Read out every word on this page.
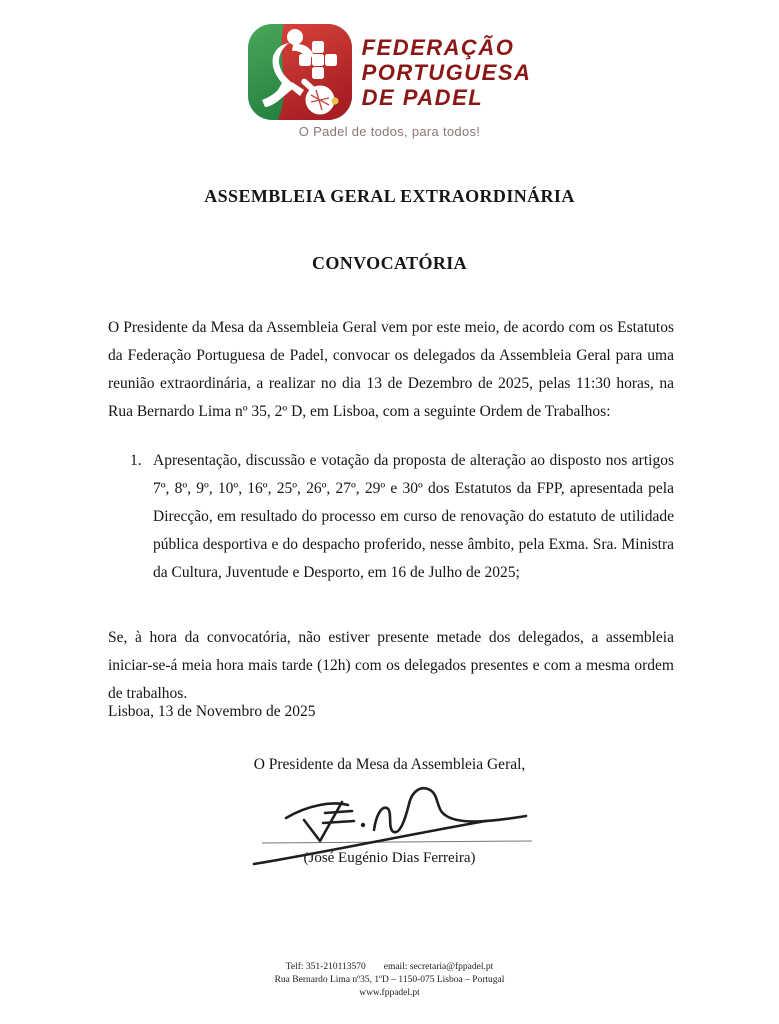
FEDERAÇÃO
PORTUGUESA
DE PADEL
O Padel de todos, para todos!
ASSEMBLEIA GERAL EXTRAORDINÁRIA
CONVOCATÓRIA

O Presidente da Mesa da Assembleia Geral vem por este meio, de acordo com os Estatutos da Federação Portuguesa de Padel, convocar os delegados da Assembleia Geral para uma reunião extraordinária, a realizar no dia 13 de Dezembro de 2025, pelas 11:30 horas, na Rua Bernardo Lima nº 35, 2º D, em Lisboa, com a seguinte Ordem de Trabalhos:

1. Apresentação, discussão e votação da proposta de alteração ao disposto nos artigos 7º, 8º, 9º, 10º, 16º, 25º, 26º, 27º, 29º e 30º dos Estatutos da FPP, apresentada pela Direcção, em resultado do processo em curso de renovação do estatuto de utilidade pública desportiva e do despacho proferido, nesse âmbito, pela Exma. Sra. Ministra da Cultura, Juventude e Desporto, em 16 de Julho de 2025;

Se, à hora da convocatória, não estiver presente metade dos delegados, a assembleia iniciar-se-á meia hora mais tarde (12h) com os delegados presentes e com a mesma ordem de trabalhos.

Lisboa, 13 de Novembro de 2025
O Presidente da Mesa da Assembleia Geral,
(José Eugénio Dias Ferreira)
Telf: 351-210113570 email: secretaria@fppadel.pt
Rua Bernardo Lima nº35, 1ºD – 1150-075 Lisboa – Portugal
www.fppadel.pt
